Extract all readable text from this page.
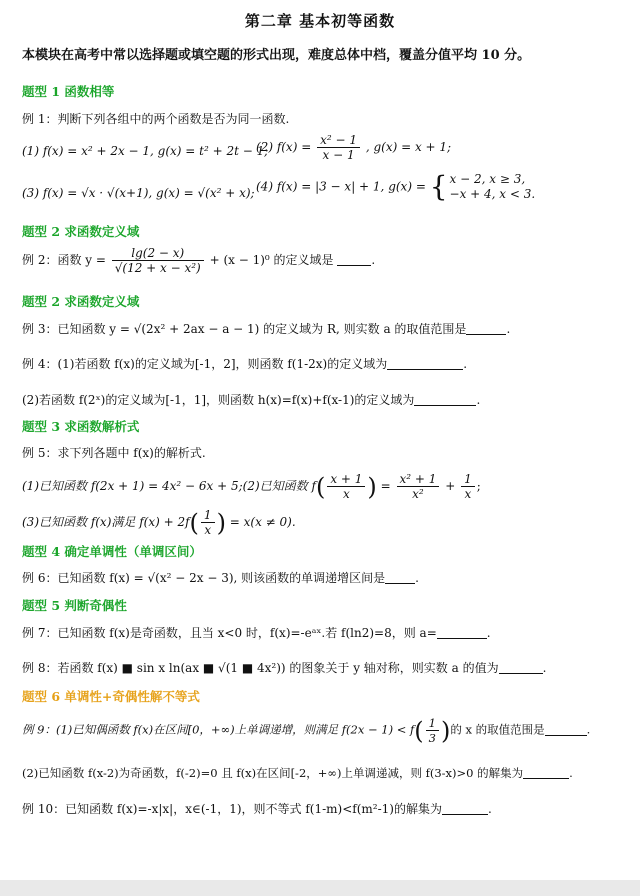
第二章 基本初等函数
本模块在高考中常以选择题或填空题的形式出现，难度总体中档，覆盖分值平均 10 分。
题型 1 函数相等
例 1：判断下列各组中的两个函数是否为同一函数.
(1) f(x) = x² + 2x − 1, g(x) = t² + 2t − 1;
(2) $f(x) = \frac{\text{x² − 1}}{x - 1}$ , g(x) = x + 1;
(3) f(x) = √x · √(x+1), g(x) = √(x² + x); (4) f(x) = |3 − x| + 1, g(x) = { x − 2, x ≥ 3,
−x + 4, x < 3.
题型 2 求函数定义域
例 2：函数 $y = \frac{\lg(2 - x)}{\text{√(12 + x − x²)}} + (x - 1)^0$ 的定义域是	.
题型 2 求函数定义域
例 3：已知函数 y = √(2x² + 2ax − a − 1) 的定义域为 R, 则实数 a 的取值范围是	.
例 4：(1)若函数 f(x)的定义域为[-1，2]，则函数 f(1-2x)的定义域为	.
(2)若函数 f(2ˣ)的定义域为[-1，1]，则函数 h(x)=f(x)+f(x-1)的定义域为	.
题型 3 求函数解析式
例 5：求下列各题中 f(x)的解析式.
(1)已知函数 f(2x + 1) = 4x² − 6x + 5;(2)已知函数 $f( \frac{x + 1}{x}$ ) = $\frac{\text{x² + 1}}{\text{x²}} + \frac{1}{x}$ ;
(3)已知函数 f(x)满足 $f(x) + 2f( \frac{1}{x}$ ) = x(x ≠ 0).
题型 4 确定单调性（单调区间）
例 6：已知函数 f(x) = √(x² − 2x − 3), 则该函数的单调递增区间是	.
题型 5 判断奇偶性
例 7：已知函数 f(x)是奇函数，且当 x<0 时，f(x)=-eᵃˣ.若 f(ln2)=8，则 a=	.
例 8：若函数 f(x) ■ sin x ln(ax ■ √(1 ■ 4x²)) 的图象关于 y 轴对称，则实数 a 的值为	.
题型 6 单调性+奇偶性解不等式
例 9：(1)已知偶函数 f(x)在区间[0，+∞)上单调递增，则满足 $f(2x - 1) < f( \frac{1}{3}$ )的 x 的取值范围是	.
(2)已知函数 f(x-2)为奇函数，f(-2)=0 且 f(x)在区间[-2，+∞)上单调递减，则 f(3-x)>0 的解集为	.
例 10：已知函数 f(x)=-x|x|，x∈(-1，1)，则不等式 f(1-m)<f(m²-1)的解集为	.
